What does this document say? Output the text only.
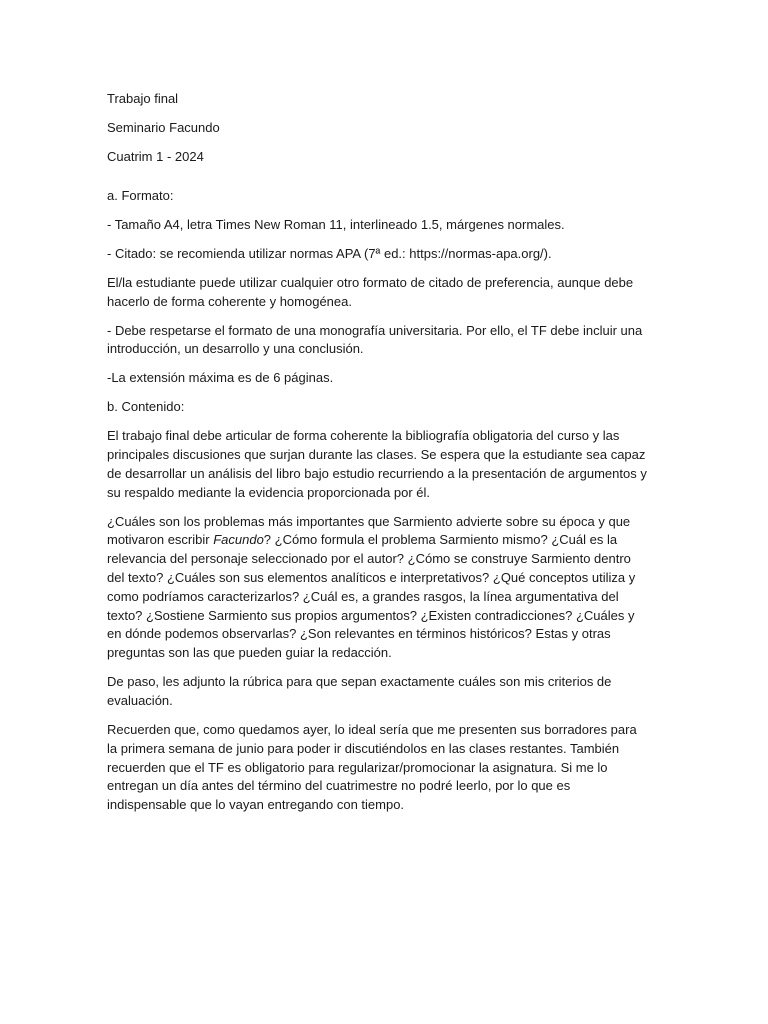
Trabajo final

Seminario Facundo

Cuatrim 1 - 2024

a. Formato:

- Tamaño A4, letra Times New Roman 11, interlineado 1.5, márgenes normales.

- Citado: se recomienda utilizar normas APA (7ª ed.: https://normas-apa.org/).

El/la estudiante puede utilizar cualquier otro formato de citado de preferencia, aunque debe hacerlo de forma coherente y homogénea.

- Debe respetarse el formato de una monografía universitaria. Por ello, el TF debe incluir una introducción, un desarrollo y una conclusión.

-La extensión máxima es de 6 páginas.

b. Contenido:

El trabajo final debe articular de forma coherente la bibliografía obligatoria del curso y las principales discusiones que surjan durante las clases. Se espera que la estudiante sea capaz de desarrollar un análisis del libro bajo estudio recurriendo a la presentación de argumentos y su respaldo mediante la evidencia proporcionada por él.

¿Cuáles son los problemas más importantes que Sarmiento advierte sobre su época y que motivaron escribir Facundo? ¿Cómo formula el problema Sarmiento mismo? ¿Cuál es la relevancia del personaje seleccionado por el autor? ¿Cómo se construye Sarmiento dentro del texto? ¿Cuáles son sus elementos analíticos e interpretativos? ¿Qué conceptos utiliza y como podríamos caracterizarlos? ¿Cuál es, a grandes rasgos, la línea argumentativa del texto? ¿Sostiene Sarmiento sus propios argumentos? ¿Existen contradicciones? ¿Cuáles y en dónde podemos observarlas? ¿Son relevantes en términos históricos? Estas y otras preguntas son las que pueden guiar la redacción.

De paso, les adjunto la rúbrica para que sepan exactamente cuáles son mis criterios de evaluación.

Recuerden que, como quedamos ayer, lo ideal sería que me presenten sus borradores para la primera semana de junio para poder ir discutiéndolos en las clases restantes. También recuerden que el TF es obligatorio para regularizar/promocionar la asignatura. Si me lo entregan un día antes del término del cuatrimestre no podré leerlo, por lo que es indispensable que lo vayan entregando con tiempo.
